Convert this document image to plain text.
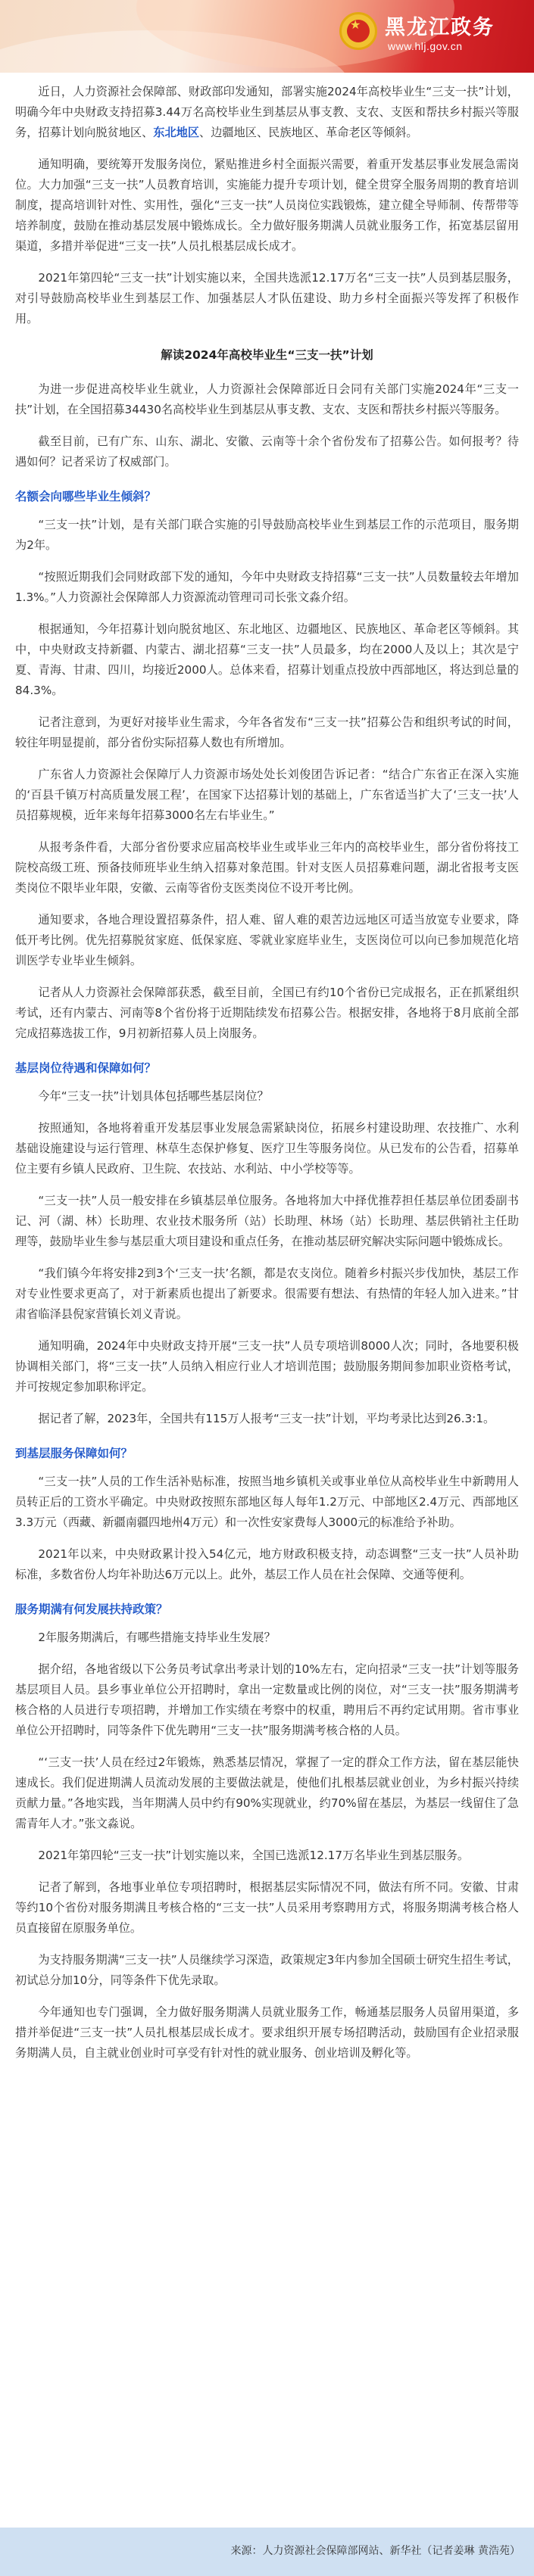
★ 黑龙江政务
www.hlj.gov.cn

近日，人力资源社会保障部、财政部印发通知，部署实施2024年高校毕业生“三支一扶”计划，明确今年中央财政支持招募3.44万名高校毕业生到基层从事支教、支农、支医和帮扶乡村振兴等服务，招募计划向脱贫地区、东北地区、边疆地区、民族地区、革命老区等倾斜。

通知明确，要统筹开发服务岗位，紧贴推进乡村全面振兴需要，着重开发基层事业发展急需岗位。大力加强“三支一扶”人员教育培训，实施能力提升专项计划，健全贯穿全服务周期的教育培训制度，提高培训针对性、实用性，强化“三支一扶”人员岗位实践锻炼，建立健全导师制、传帮带等培养制度，鼓励在推动基层发展中锻炼成长。全力做好服务期满人员就业服务工作，拓宽基层留用渠道，多措并举促进“三支一扶”人员扎根基层成长成才。

2021年第四轮“三支一扶”计划实施以来，全国共选派12.17万名“三支一扶”人员到基层服务，对引导鼓励高校毕业生到基层工作、加强基层人才队伍建设、助力乡村全面振兴等发挥了积极作用。

解读2024年高校毕业生“三支一扶”计划

为进一步促进高校毕业生就业，人力资源社会保障部近日会同有关部门实施2024年“三支一扶”计划，在全国招募34430名高校毕业生到基层从事支教、支农、支医和帮扶乡村振兴等服务。

截至目前，已有广东、山东、湖北、安徽、云南等十余个省份发布了招募公告。如何报考？待遇如何？记者采访了权威部门。

名额会向哪些毕业生倾斜？

“三支一扶”计划，是有关部门联合实施的引导鼓励高校毕业生到基层工作的示范项目，服务期为2年。

“按照近期我们会同财政部下发的通知，今年中央财政支持招募“三支一扶”人员数量较去年增加1.3%。”人力资源社会保障部人力资源流动管理司司长张文淼介绍。

根据通知，今年招募计划向脱贫地区、东北地区、边疆地区、民族地区、革命老区等倾斜。其中，中央财政支持新疆、内蒙古、湖北招募“三支一扶”人员最多，均在2000人及以上；其次是宁夏、青海、甘肃、四川，均接近2000人。总体来看，招募计划重点投放中西部地区，将达到总量的84.3%。

记者注意到，为更好对接毕业生需求，今年各省发布“三支一扶”招募公告和组织考试的时间，较往年明显提前，部分省份实际招募人数也有所增加。

广东省人力资源社会保障厅人力资源市场处处长刘俊团告诉记者：“结合广东省正在深入实施的‘百县千镇万村高质量发展工程’，在国家下达招募计划的基础上，广东省适当扩大了‘三支一扶’人员招募规模，近年来每年招募3000名左右毕业生。”

从报考条件看，大部分省份要求应届高校毕业生或毕业三年内的高校毕业生，部分省份将技工院校高级工班、预备技师班毕业生纳入招募对象范围。针对支医人员招募难问题，湖北省报考支医类岗位不限毕业年限，安徽、云南等省份支医类岗位不设开考比例。

通知要求，各地合理设置招募条件，招人难、留人难的艰苦边远地区可适当放宽专业要求，降低开考比例。优先招募脱贫家庭、低保家庭、零就业家庭毕业生，支医岗位可以向已参加规范化培训医学专业毕业生倾斜。

记者从人力资源社会保障部获悉，截至目前，全国已有约10个省份已完成报名，正在抓紧组织考试，还有内蒙古、河南等8个省份将于近期陆续发布招募公告。根据安排，各地将于8月底前全部完成招募选拔工作，9月初新招募人员上岗服务。

基层岗位待遇和保障如何？

今年“三支一扶”计划具体包括哪些基层岗位？

按照通知，各地将着重开发基层事业发展急需紧缺岗位，拓展乡村建设助理、农技推广、水利基础设施建设与运行管理、林草生态保护修复、医疗卫生等服务岗位。从已发布的公告看，招募单位主要有乡镇人民政府、卫生院、农技站、水利站、中小学校等等。

“三支一扶”人员一般安排在乡镇基层单位服务。各地将加大中择优推荐担任基层单位团委副书记、河（湖、林）长助理、农业技术服务所（站）长助理、林场（站）长助理、基层供销社主任助理等，鼓励毕业生参与基层重大项目建设和重点任务，在推动基层研究解决实际问题中锻炼成长。

“我们镇今年将安排2到3个‘三支一扶’名额，都是农支岗位。随着乡村振兴步伐加快，基层工作对专业性要求更高了，对于新素质也提出了新要求。很需要有想法、有热情的年轻人加入进来。”甘肃省临泽县倪家营镇长刘义青说。

通知明确，2024年中央财政支持开展“三支一扶”人员专项培训8000人次；同时，各地要积极协调相关部门，将“三支一扶”人员纳入相应行业人才培训范围；鼓励服务期间参加职业资格考试，并可按规定参加职称评定。

据记者了解，2023年，全国共有115万人报考“三支一扶”计划，平均考录比达到26.3:1。

到基层服务保障如何？

“三支一扶”人员的工作生活补贴标准，按照当地乡镇机关或事业单位从高校毕业生中新聘用人员转正后的工资水平确定。中央财政按照东部地区每人每年1.2万元、中部地区2.4万元、西部地区3.3万元（西藏、新疆南疆四地州4万元）和一次性安家费每人3000元的标准给予补助。

2021年以来，中央财政累计投入54亿元，地方财政积极支持，动态调整“三支一扶”人员补助标准，多数省份人均年补助达6万元以上。此外，基层工作人员在社会保障、交通等便利。

服务期满有何发展扶持政策？

2年服务期满后，有哪些措施支持毕业生发展？

据介绍，各地省级以下公务员考试拿出考录计划的10%左右，定向招录“三支一扶”计划等服务基层项目人员。县乡事业单位公开招聘时，拿出一定数量或比例的岗位，对“三支一扶”服务期满考核合格的人员进行专项招聘，并增加工作实绩在考察中的权重，聘用后不再约定试用期。省市事业单位公开招聘时，同等条件下优先聘用“三支一扶”服务期满考核合格的人员。

“‘三支一扶’人员在经过2年锻炼，熟悉基层情况，掌握了一定的群众工作方法，留在基层能快速成长。我们促进期满人员流动发展的主要做法就是，使他们扎根基层就业创业，为乡村振兴持续贡献力量。”各地实践，当年期满人员中约有90%实现就业，约70%留在基层，为基层一线留住了急需青年人才。”张文淼说。

2021年第四轮“三支一扶”计划实施以来，全国已选派12.17万名毕业生到基层服务。

记者了解到，各地事业单位专项招聘时，根据基层实际情况不同，做法有所不同。安徽、甘肃等约10个省份对服务期满且考核合格的“三支一扶”人员采用考察聘用方式，将服务期满考核合格人员直接留在原服务单位。

为支持服务期满“三支一扶”人员继续学习深造，政策规定3年内参加全国硕士研究生招生考试，初试总分加10分，同等条件下优先录取。

今年通知也专门强调，全力做好服务期满人员就业服务工作，畅通基层服务人员留用渠道，多措并举促进“三支一扶”人员扎根基层成长成才。要求组织开展专场招聘活动，鼓励国有企业招录服务期满人员，自主就业创业时可享受有针对性的就业服务、创业培训及孵化等。

来源：人力资源社会保障部网站、新华社（记者姜琳 黄浩苑）
